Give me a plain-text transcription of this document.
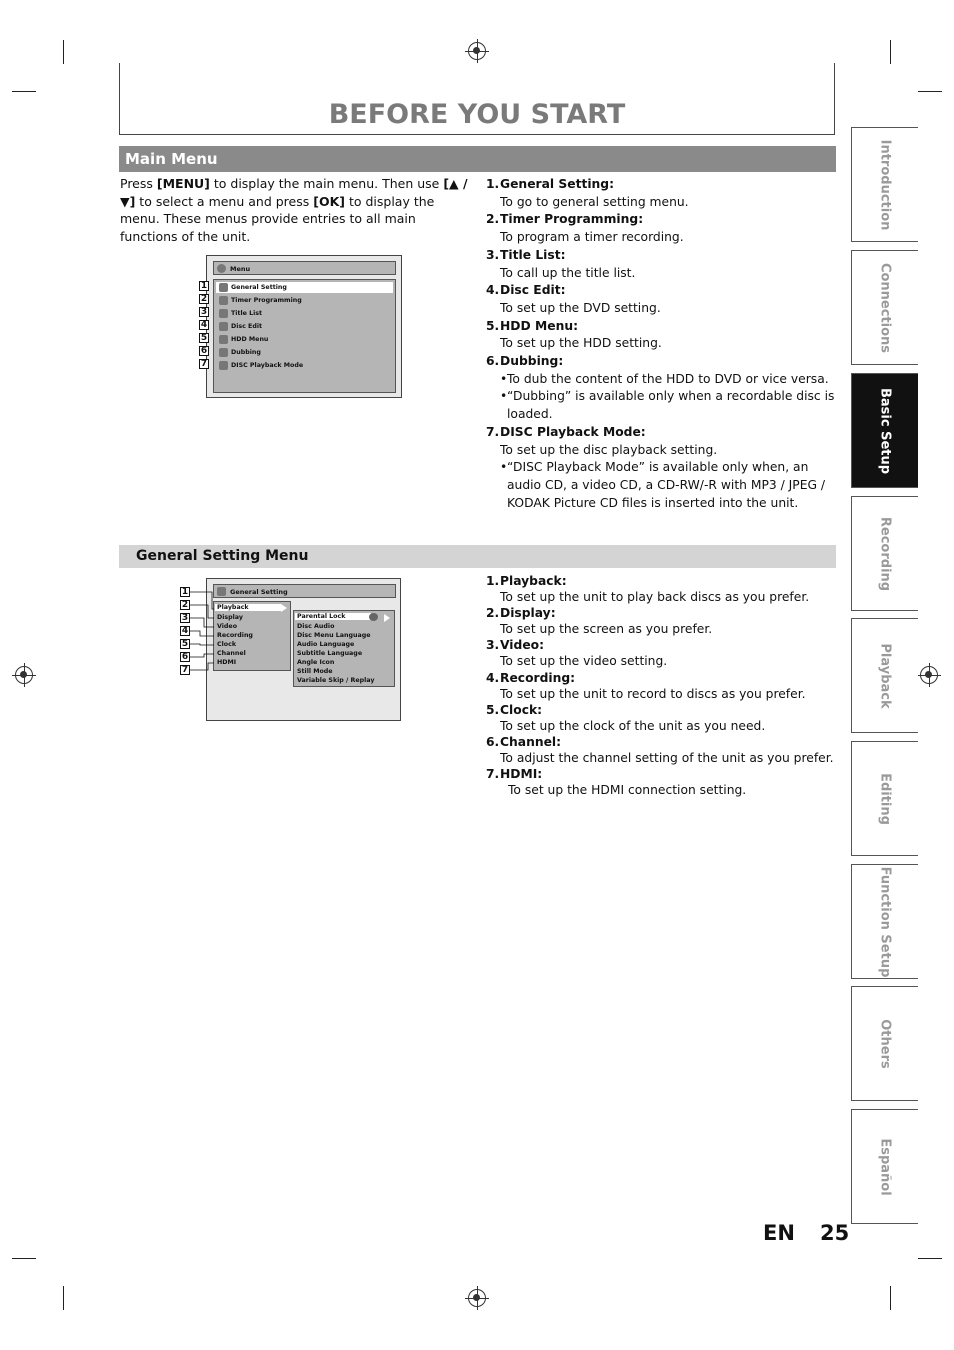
BEFORE YOU START
Main Menu
Press [MENU] to display the main menu. Then use [▲ / ▼] to select a menu and press [OK] to display the menu. These menus provide entries to all main functions of the unit.
Menu
General Setting
Timer Programming
Title List
Disc Edit
HDD Menu
Dubbing
DISC Playback Mode
1
2
3
4
5
6
7
1.General Setting:
To go to general setting menu.
2.Timer Programming:
To program a timer recording.
3.Title List:
To call up the title list.
4.Disc Edit:
To set up the DVD setting.
5.HDD Menu:
To set up the HDD setting.
6.Dubbing:
• To dub the content of the HDD to DVD or vice versa.
• “Dubbing” is available only when a recordable disc is loaded.
7.DISC Playback Mode:
To set up the disc playback setting.
• “DISC Playback Mode” is available only when, an audio CD, a video CD, a CD-RW/-R with MP3 / JPEG / KODAK Picture CD files is inserted into the unit.
General Setting Menu
General Setting
Playback
Display
Video
Recording
Clock
Channel
HDMI
Parental Lock
Disc Audio
Disc Menu Language
Audio Language
Subtitle Language
Angle Icon
Still Mode
Variable Skip / Replay
1
2
3
4
5
6
7
1.Playback:
To set up the unit to play back discs as you prefer.
2.Display:
To set up the screen as you prefer.
3.Video:
To set up the video setting.
4.Recording:
To set up the unit to record to discs as you prefer.
5.Clock:
To set up the clock of the unit as you need.
6.Channel:
To adjust the channel setting of the unit as you prefer.
7.HDMI:
To set up the HDMI connection setting.
Introduction
Connections
Basic Setup
Recording
Playback
Editing
Function Setup
Others
Español
EN 25
